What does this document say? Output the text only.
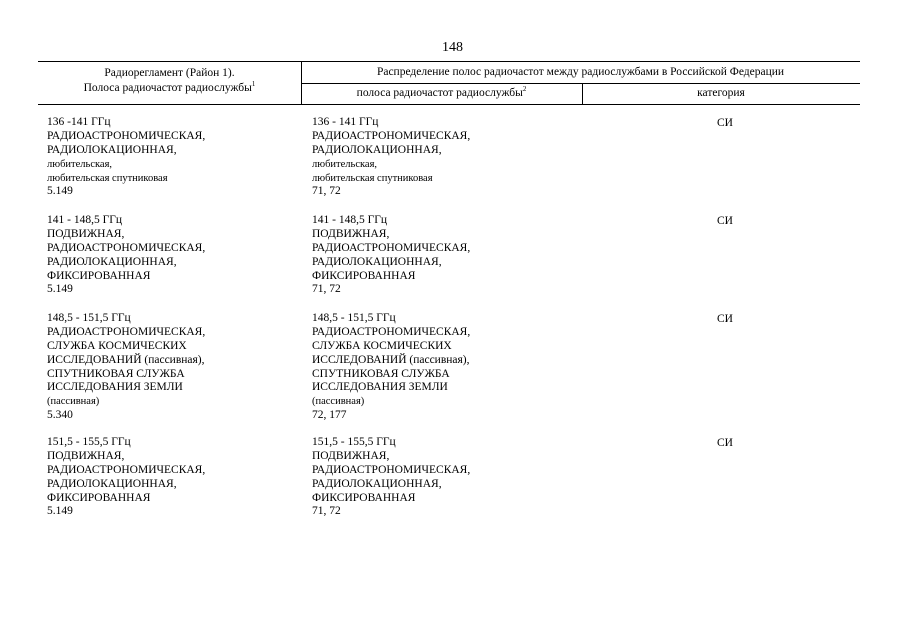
148
Радиорегламент (Район 1).
Полоса радиочастот радиослужбы$^1$
Распределение полос радиочастот между радиослужбами в Российской Федерации
полоса радиочастот радиослужбы$^2$	категория
136 -141 ГГц
РАДИОАСТРОНОМИЧЕСКАЯ,
РАДИОЛОКАЦИОННАЯ,
любительская,
любительская спутниковая
5.149
136 - 141 ГГц
РАДИОАСТРОНОМИЧЕСКАЯ,
РАДИОЛОКАЦИОННАЯ,
любительская,
любительская спутниковая
71, 72
СИ
141 - 148,5 ГГц
ПОДВИЖНАЯ,
РАДИОАСТРОНОМИЧЕСКАЯ,
РАДИОЛОКАЦИОННАЯ,
ФИКСИРОВАННАЯ
5.149
141 - 148,5 ГГц
ПОДВИЖНАЯ,
РАДИОАСТРОНОМИЧЕСКАЯ,
РАДИОЛОКАЦИОННАЯ,
ФИКСИРОВАННАЯ
71, 72
СИ
148,5 - 151,5 ГГц
РАДИОАСТРОНОМИЧЕСКАЯ,
СЛУЖБА КОСМИЧЕСКИХ
ИССЛЕДОВАНИЙ (пассивная),
СПУТНИКОВАЯ СЛУЖБА
ИССЛЕДОВАНИЯ ЗЕМЛИ
(пассивная)
5.340
148,5 - 151,5 ГГц
РАДИОАСТРОНОМИЧЕСКАЯ,
СЛУЖБА КОСМИЧЕСКИХ
ИССЛЕДОВАНИЙ (пассивная),
СПУТНИКОВАЯ СЛУЖБА
ИССЛЕДОВАНИЯ ЗЕМЛИ
(пассивная)
72, 177
СИ
151,5 - 155,5 ГГц
ПОДВИЖНАЯ,
РАДИОАСТРОНОМИЧЕСКАЯ,
РАДИОЛОКАЦИОННАЯ,
ФИКСИРОВАННАЯ
5.149
151,5 - 155,5 ГГц
ПОДВИЖНАЯ,
РАДИОАСТРОНОМИЧЕСКАЯ,
РАДИОЛОКАЦИОННАЯ,
ФИКСИРОВАННАЯ
71, 72
СИ
